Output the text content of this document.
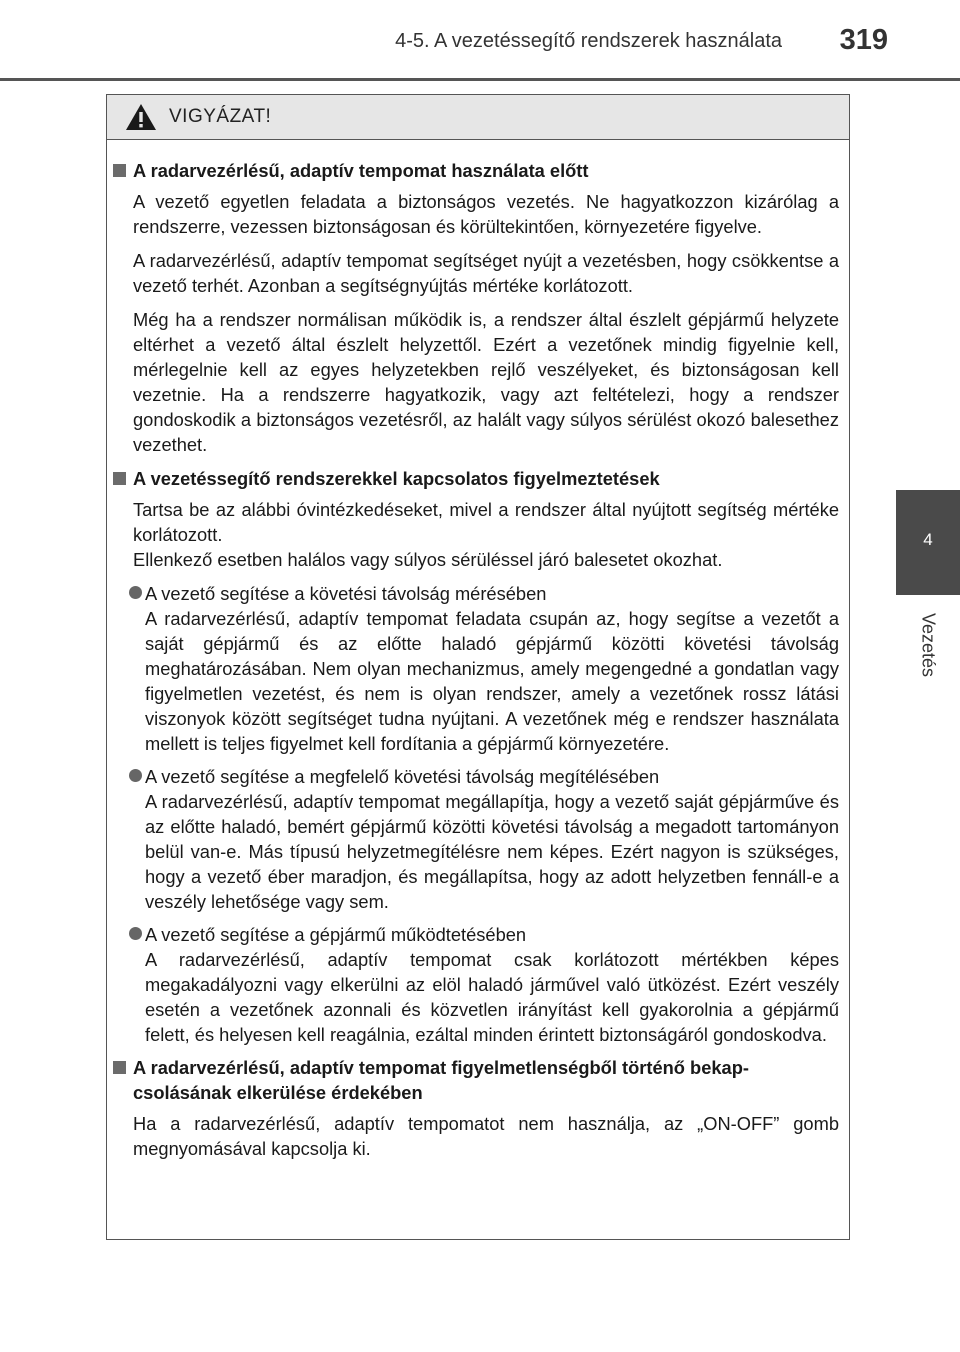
4-5. A vezetéssegítő rendszerek használata 319
4
Vezetés
VIGYÁZAT!
A radarvezérlésű, adaptív tempomat használata előtt

A vezető egyetlen feladata a biztonságos vezetés. Ne hagyatkozzon kizárólag a rendszerre, vezessen biztonságosan és körültekintően, környezetére figyelve.

A radarvezérlésű, adaptív tempomat segítséget nyújt a vezetésben, hogy csökkentse a vezető terhét. Azonban a segítségnyújtás mértéke korlátozott.

Még ha a rendszer normálisan működik is, a rendszer által észlelt gépjármű helyzete eltérhet a vezető által észlelt helyzettől. Ezért a vezetőnek mindig figyelnie kell, mérlegelnie kell az egyes helyzetekben rejlő veszélyeket, és biztonságosan kell vezetnie. Ha a rendszerre hagyatkozik, vagy azt feltételezi, hogy a rendszer gondoskodik a biztonságos vezetésről, az halált vagy súlyos sérülést okozó balesethez vezethet.

A vezetéssegítő rendszerekkel kapcsolatos figyelmeztetések

Tartsa be az alábbi óvintézkedéseket, mivel a rendszer által nyújtott segítség mértéke korlátozott.

Ellenkező esetben halálos vagy súlyos sérüléssel járó balesetet okozhat.

A vezető segítése a követési távolság mérésében
A radarvezérlésű, adaptív tempomat feladata csupán az, hogy segítse a vezetőt a saját gépjármű és az előtte haladó gépjármű közötti követési távolság meghatározásában. Nem olyan mechanizmus, amely megengedné a gondatlan vagy figyelmetlen vezetést, és nem is olyan rendszer, amely a vezetőnek rossz látási viszonyok között segítséget tudna nyújtani. A vezetőnek még e rendszer használata mellett is teljes figyelmet kell fordítania a gépjármű környezetére.
A vezető segítése a megfelelő követési távolság megítélésében
A radarvezérlésű, adaptív tempomat megállapítja, hogy a vezető saját gépjárműve és az előtte haladó, bemért gépjármű közötti követési távolság a megadott tartományon belül van-e. Más típusú helyzetmegítélésre nem képes. Ezért nagyon is szükséges, hogy a vezető éber maradjon, és megállapítsa, hogy az adott helyzetben fennáll-e a veszély lehetősége vagy sem.
A vezető segítése a gépjármű működtetésében
A radarvezérlésű, adaptív tempomat csak korlátozott mértékben képes megakadályozni vagy elkerülni az elöl haladó járművel való ütközést. Ezért veszély esetén a vezetőnek azonnali és közvetlen irányítást kell gyakorolnia a gépjármű felett, és helyesen kell reagálnia, ezáltal minden érintett biztonságáról gondoskodva.
A radarvezérlésű, adaptív tempomat figyelmetlenségből történő bekapcsolásának elkerülése érdekében

Ha a radarvezérlésű, adaptív tempomatot nem használja, az „ON-OFF” gomb megnyomásával kapcsolja ki.
